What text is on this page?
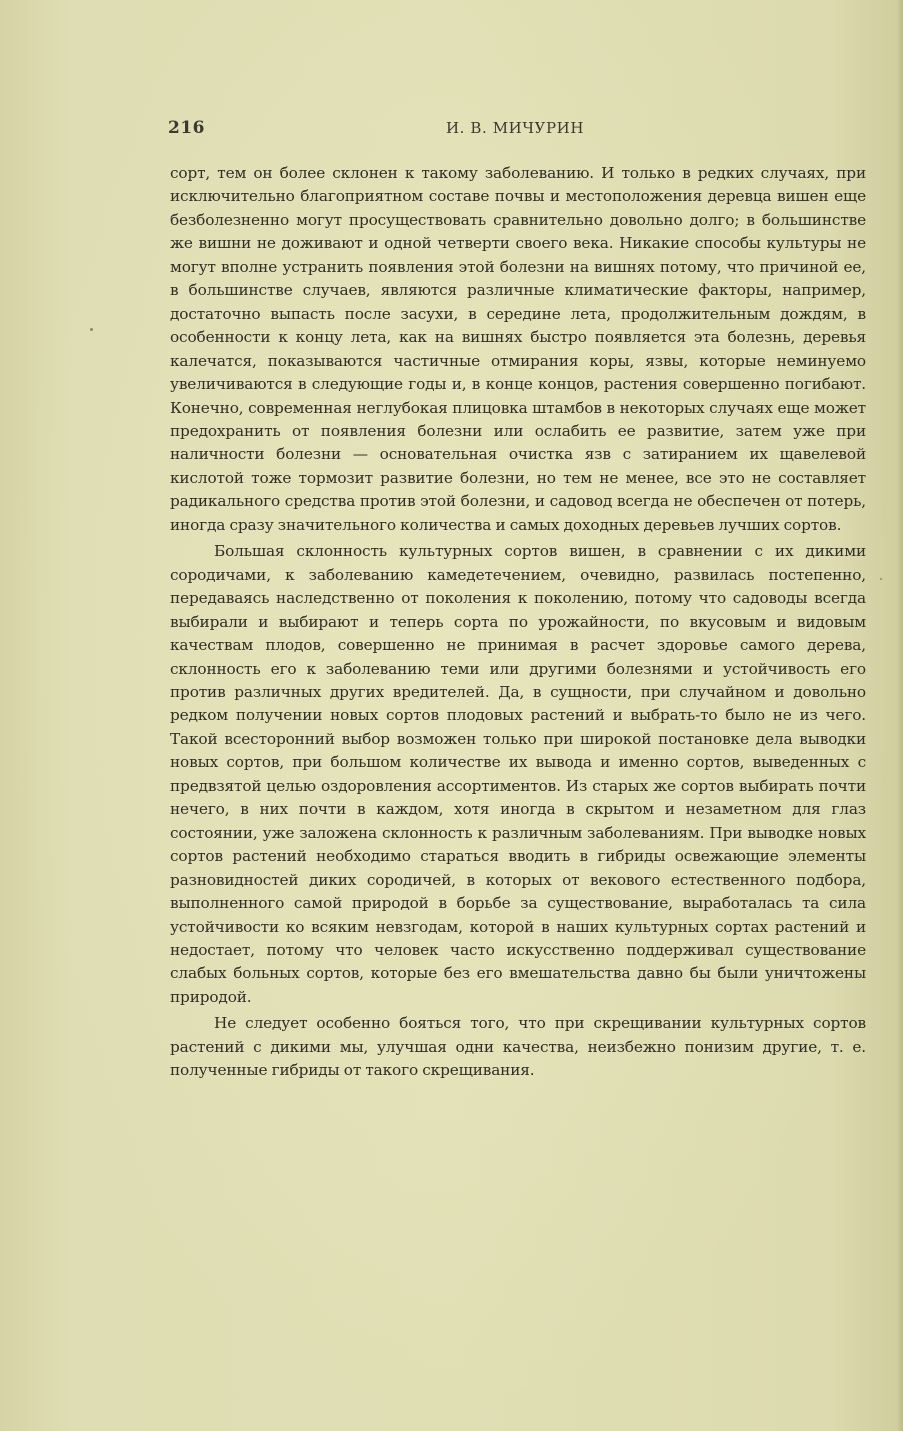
216	И. В. МИЧУРИН

сорт, тем он более склонен к такому заболеванию. И только в редких случаях, при исключительно благоприятном составе почвы и местоположения деревца вишен еще безболезненно могут просуществовать сравнительно довольно долго; в большинстве же вишни не доживают и одной четверти своего века. Никакие способы культуры не могут вполне устранить появления этой болезни на вишнях потому, что причиной ее, в большинстве случаев, являются различные климатические факторы, например, достаточно выпасть после засухи, в середине лета, продолжительным дождям, в особенности к концу лета, как на вишнях быстро появляется эта болезнь, деревья калечатся, показываются частичные отмирания коры, язвы, которые неминуемо увеличиваются в следующие годы и, в конце концов, растения совершенно погибают. Конечно, современная неглубокая плицовка штамбов в некоторых случаях еще может предохранить от появления болезни или ослабить ее развитие, затем уже при наличности болезни — основательная очистка язв с затиранием их щавелевой кислотой тоже тормозит развитие болезни, но тем не менее, все это не составляет радикального средства против этой болезни, и садовод всегда не обеспечен от потерь, иногда сразу значительного количества и самых доходных деревьев лучших сортов.

Большая склонность культурных сортов вишен, в сравнении с их дикими сородичами, к заболеванию камедетечением, очевидно, развилась постепенно, передаваясь наследственно от поколения к поколению, потому что садоводы всегда выбирали и выбирают и теперь сорта по урожайности, по вкусовым и видовым качествам плодов, совершенно не принимая в расчет здоровье самого дерева, склонность его к заболеванию теми или другими болезнями и устойчивость его против различных других вредителей. Да, в сущности, при случайном и довольно редком получении новых сортов плодовых растений и выбрать-то было не из чего. Такой всесторонний выбор возможен только при широкой постановке дела выводки новых сортов, при большом количестве их вывода и именно сортов, выведенных с предвзятой целью оздоровления ассортиментов. Из старых же сортов выбирать почти нечего, в них почти в каждом, хотя иногда в скрытом и незаметном для глаз состоянии, уже заложена склонность к различным заболеваниям. При выводке новых сортов растений необходимо стараться вводить в гибриды освежающие элементы разновидностей диких сородичей, в которых от векового естественного подбора, выполненного самой природой в борьбе за существование, выработалась та сила устойчивости ко всяким невзгодам, которой в наших культурных сортах растений и недостает, потому что человек часто искусственно поддерживал существование слабых больных сортов, которые без его вмешательства давно бы были уничтожены природой.

Не следует особенно бояться того, что при скрещивании культурных сортов растений с дикими мы, улучшая одни качества, неизбежно понизим другие, т. е. полученные гибриды от такого скрещивания.
